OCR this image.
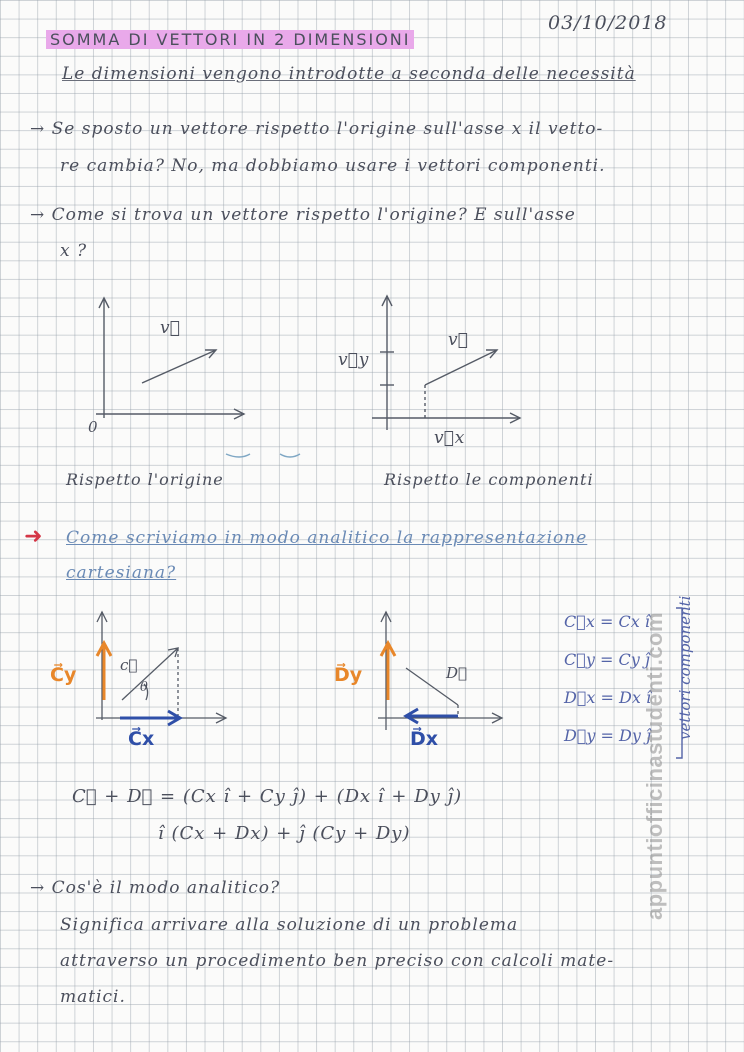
03/10/2018
SOMMA DI VETTORI IN 2 DIMENSIONI
Le dimensioni vengono introdotte a seconda delle necessità
→ Se sposto un vettore rispetto l'origine sull'asse x il vetto-
re cambia? No, ma dobbiamo usare i vettori componenti.
→ Come si trova un vettore rispetto l'origine? E sull'asse
x ?
v⃗
0
v⃗
v⃗y
v⃗x
Rispetto l'origine	Rispetto le componenti
➜ Come scriviamo in modo analitico la rappresentazione
cartesiana?
C⃗y	c⃗
θ
C⃗x
D⃗y	D⃗
D⃗x
C⃗x = Cx î
C⃗y = Cy ĵ
D⃗x = Dx î
D⃗y = Dy ĵ vettori componenti
C⃗ + D⃗ = (Cx î + Cy ĵ) + (Dx î + Dy ĵ)
î (Cx + Dx) + ĵ (Cy + Dy)
→ Cos'è il modo analitico?
Significa arrivare alla soluzione di un problema
attraverso un procedimento ben preciso con calcoli mate-
matici.
appuntiofficinastudenti.com
